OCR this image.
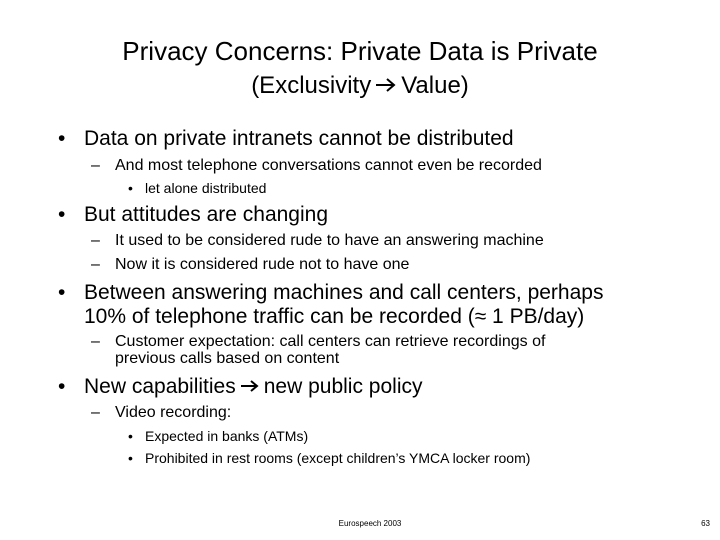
Privacy Concerns: Private Data is Private
(Exclusivity Value)
• Data on private intranets cannot be distributed
– And most telephone conversations cannot even be recorded
• let alone distributed
• But attitudes are changing
– It used to be considered rude to have an answering machine
– Now it is considered rude not to have one
• Between answering machines and call centers, perhaps
10% of telephone traffic can be recorded (≈ 1 PB/day)
– Customer expectation: call centers can retrieve recordings of
previous calls based on content
• New capabilities new public policy
– Video recording:
• Expected in banks (ATMs)
• Prohibited in rest rooms (except children’s YMCA locker room)
Eurospeech 2003	63
